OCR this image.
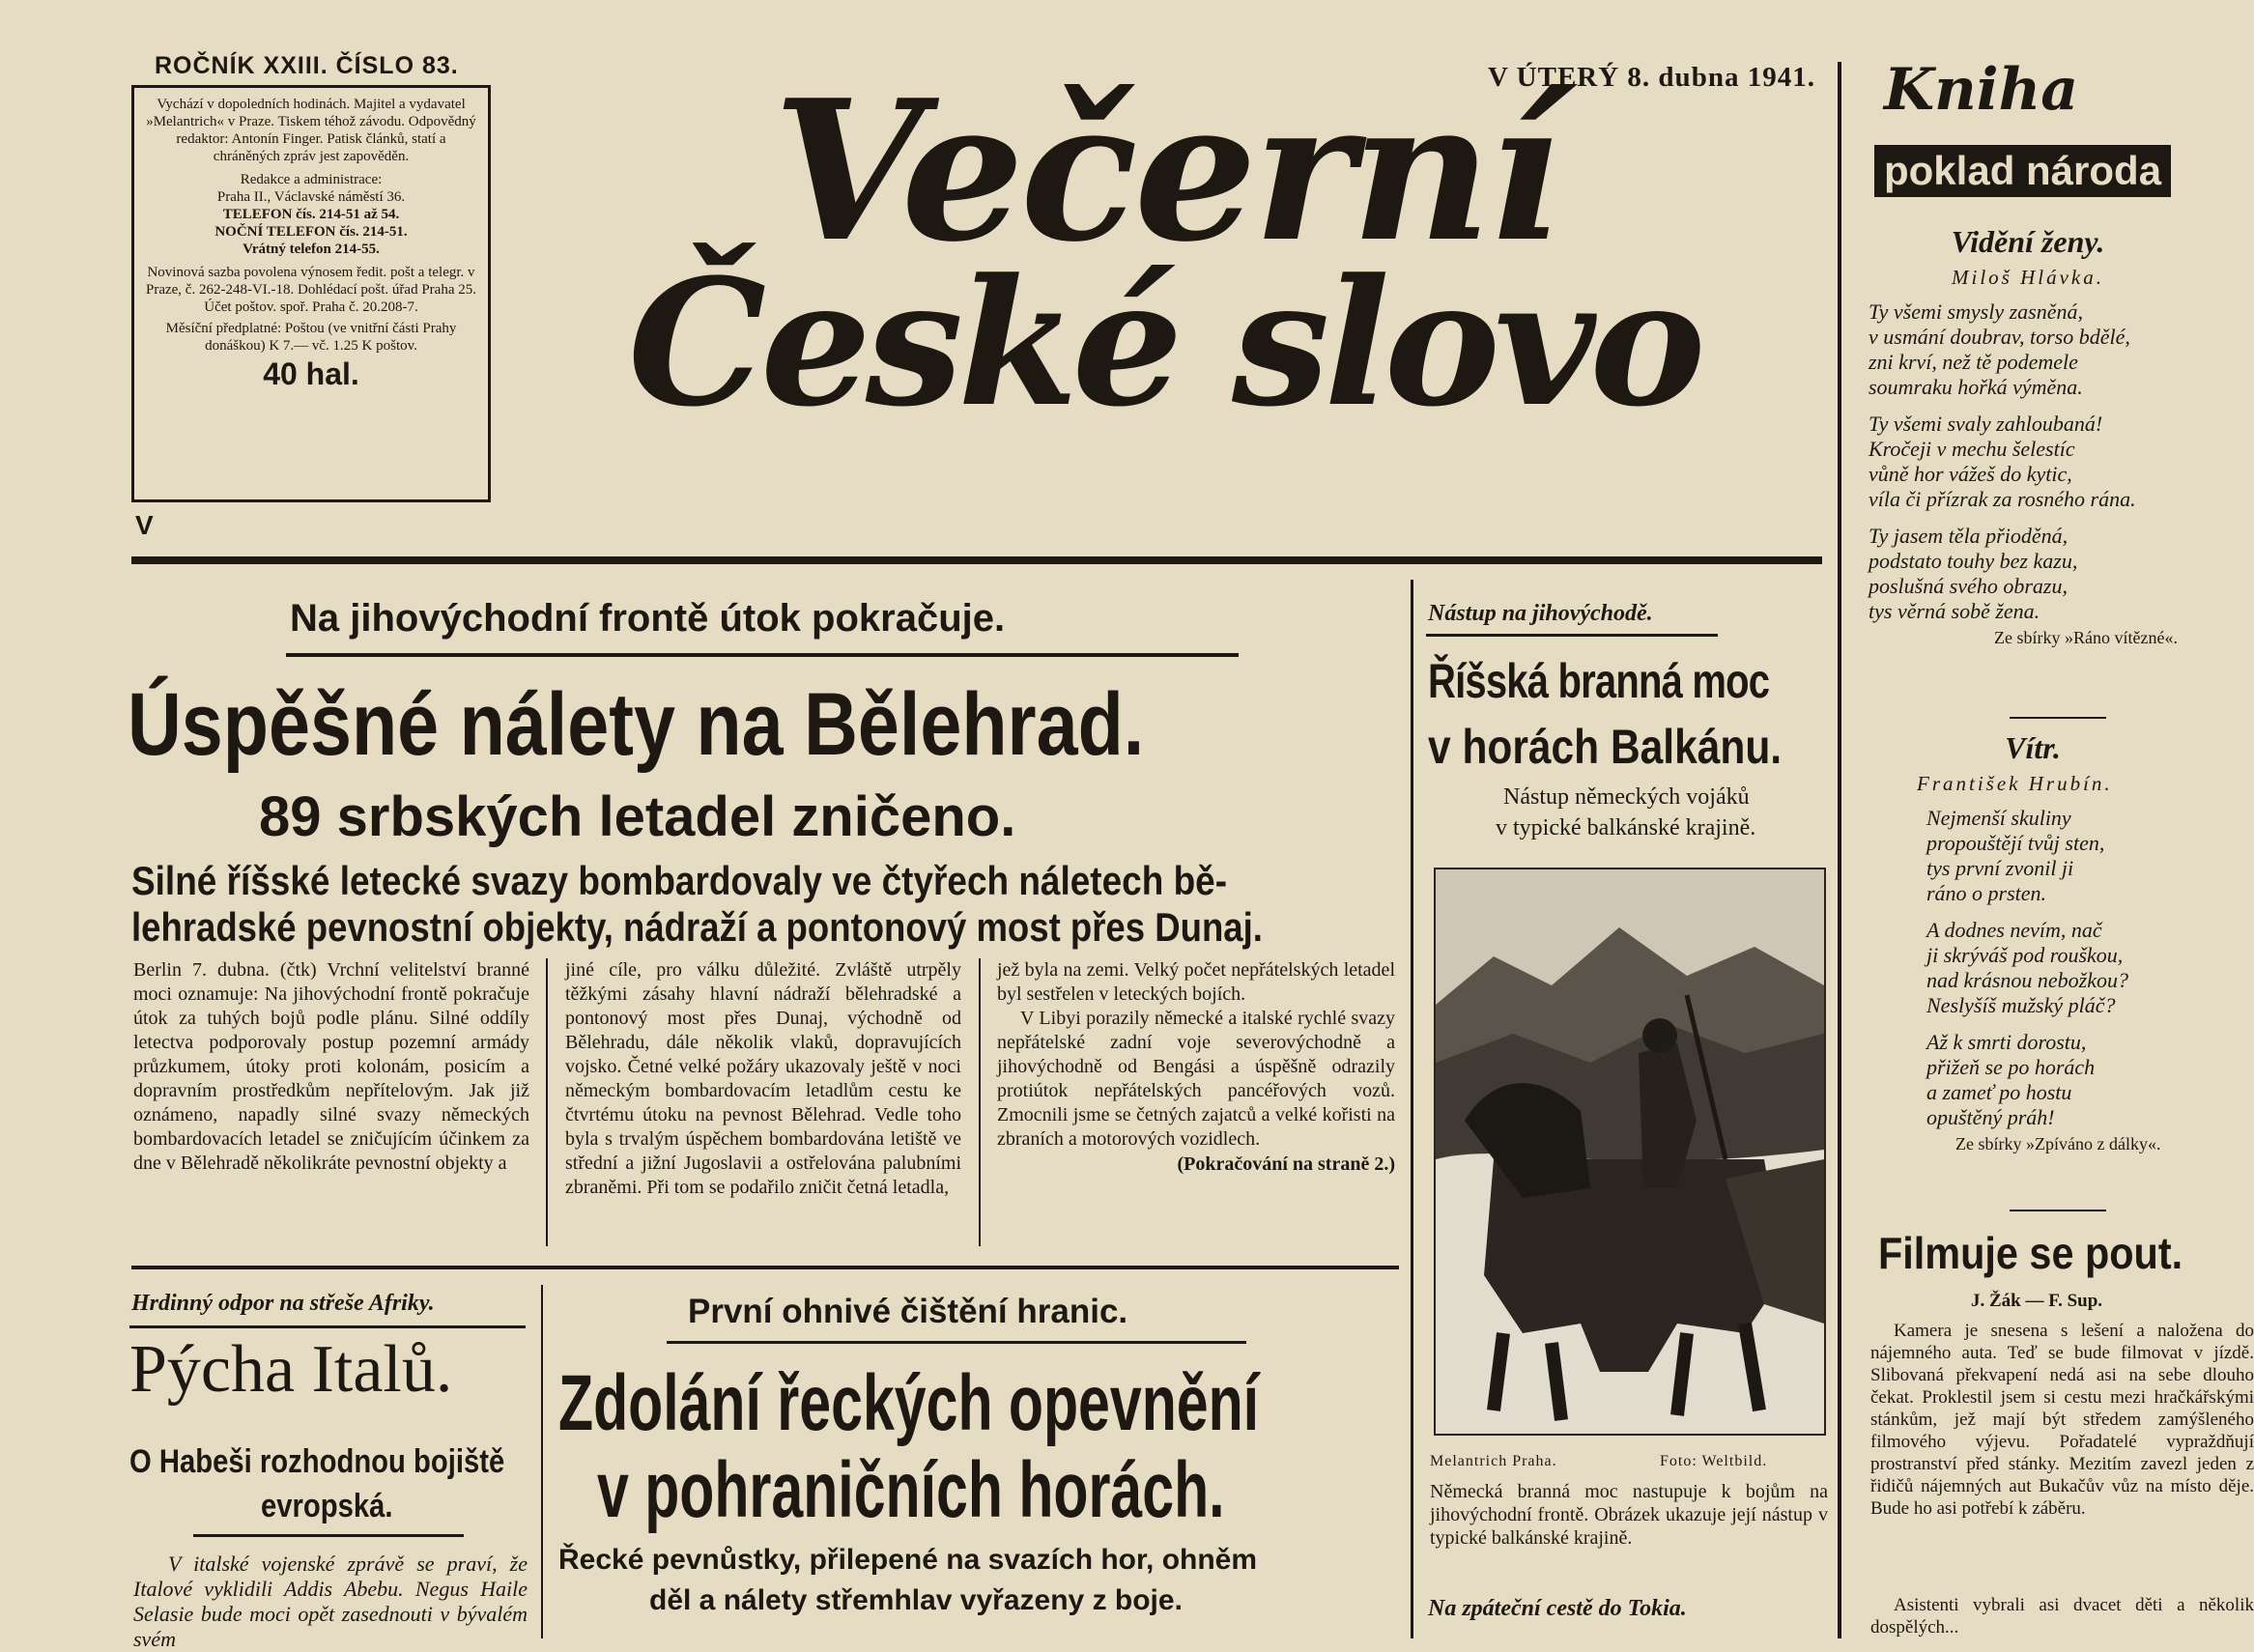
ROČNÍK XXIII. ČÍSLO 83.
Vychází v dopoledních hodinách. Majitel a vydavatel »Melantrich« v Praze. Tiskem téhož závodu. Odpovědný redaktor: Antonín Finger. Patisk článků, statí a chráněných zpráv jest zapověděn.
Redakce a administrace:
Praha II., Václavské náměstí 36.
TELEFON čís. 214-51 až 54.
NOČNÍ TELEFON čís. 214-51.
Vrátný telefon 214-55.
Novinová sazba povolena výnosem ředit. pošt a telegr. v Praze, č. 262-248-VI.-18. Dohlédací pošt. úřad Praha 25. Účet poštov. spoř. Praha č. 20.208-7.
Měsíční předplatné: Poštou (ve vnitřní části Prahy donáškou) K 7.— vč. 1.25 K poštov.
40 hal.
V
V ÚTERÝ 8. dubna 1941.
Večerní
České slovo
Na jihovýchodní frontě útok pokračuje.
Úspěšné nálety na Bělehrad.
89 srbských letadel zničeno.
Silné říšské letecké svazy bombardovaly ve čtyřech náletech bě-
lehradské pevnostní objekty, nádraží a pontonový most přes Dunaj.
Berlin 7. dubna. (čtk) Vrchní velitelství branné moci oznamuje: Na jihovýchodní frontě pokračuje útok za tuhých bojů podle plánu. Silné oddíly letectva podporovaly postup pozemní armády průzkumem, útoky proti kolonám, posicím a dopravním prostředkům nepřítelovým. Jak již oznámeno, napadly silné svazy německých bombardovacích letadel se zničujícím účinkem za dne v Bělehradě několikráte pevnostní objekty a
jiné cíle, pro válku důležité. Zvláště utrpěly těžkými zásahy hlavní nádraží bělehradské a pontonový most přes Dunaj, východně od Bělehradu, dále několik vlaků, dopravujících vojsko. Četné velké požáry ukazovaly ještě v noci německým bombardovacím letadlům cestu ke čtvrtému útoku na pevnost Bělehrad. Vedle toho byla s trvalým úspěchem bombardována letiště ve střední a jižní Jugoslavii a ostřelována palubními zbraněmi. Při tom se podařilo zničit četná letadla,
jež byla na zemi. Velký počet nepřátelských letadel byl sestřelen v leteckých bojích.
V Libyi porazily německé a italské rychlé svazy nepřátelské zadní voje severovýchodně a jihovýchodně od Bengási a úspěšně odrazily protiútok nepřátelských pancéřových vozů. Zmocnili jsme se četných zajatců a velké kořisti na zbraních a motorových vozidlech.
(Pokračování na straně 2.)
Nástup na jihovýchodě.
Říšská branná moc
v horách Balkánu.
Nástup německých vojáků
v typické balkánské krajině.
Melantrich Praha.	Foto: Weltbild.
Německá branná moc nastupuje k bojům na jihovýchodní frontě. Obrázek ukazuje její nástup v typické balkánské krajině.
Na zpáteční cestě do Tokia.
Hrdinný odpor na střeše Afriky.
Pýcha Italů.
O Habeši rozhodnou bojiště
evropská.
V italské vojenské zprávě se praví, že Italové vyklidili Addis Abebu. Negus Haile Selasie bude moci opět zasednouti v bývalém svém
První ohnivé čištění hranic.
Zdolání řeckých opevnění
v pohraničních horách.
Řecké pevnůstky, přilepené na svazích hor, ohněm
děl a nálety střemhlav vyřazeny z boje.
Kniha
poklad národa
Vidění ženy.
Miloš Hlávka.
Ty všemi smysly zasněná,
v usmání doubrav, torso bdělé,
zni krví, než tě podemele
soumraku hořká výměna.
Ty všemi svaly zahloubaná!
Kročeji v mechu šelestíc
vůně hor vážeš do kytic,
víla či přízrak za rosného rána.
Ty jasem těla přioděná,
podstato touhy bez kazu,
poslušná svého obrazu,
tys věrná sobě žena.
Ze sbírky »Ráno vítězné«.
Vítr.
František Hrubín.
Nejmenší skuliny
propouštějí tvůj sten,
tys první zvonil ji
ráno o prsten.
A dodnes nevím, nač
ji skrýváš pod rouškou,
nad krásnou nebožkou?
Neslyšíš mužský pláč?
Až k smrti dorostu,
přižeň se po horách
a zameť po hostu
opuštěný práh!
Ze sbírky »Zpíváno z dálky«.
Filmuje se pout.
J. Žák — F. Sup.
Kamera je snesena s lešení a naložena do nájemného auta. Teď se bude filmovat v jízdě. Slibovaná překvapení nedá asi na sebe dlouho čekat. Proklestil jsem si cestu mezi hračkářskými stánkům, jež mají být středem zamýšleného filmového výjevu. Pořadatelé vypraždňují prostranství před stánky. Mezitím zavezl jeden z řidičů nájemných aut Bukačův vůz na místo děje. Bude ho asi potřebí k záběru.
Asistenti vybrali asi dvacet děti a několik dospělých...
